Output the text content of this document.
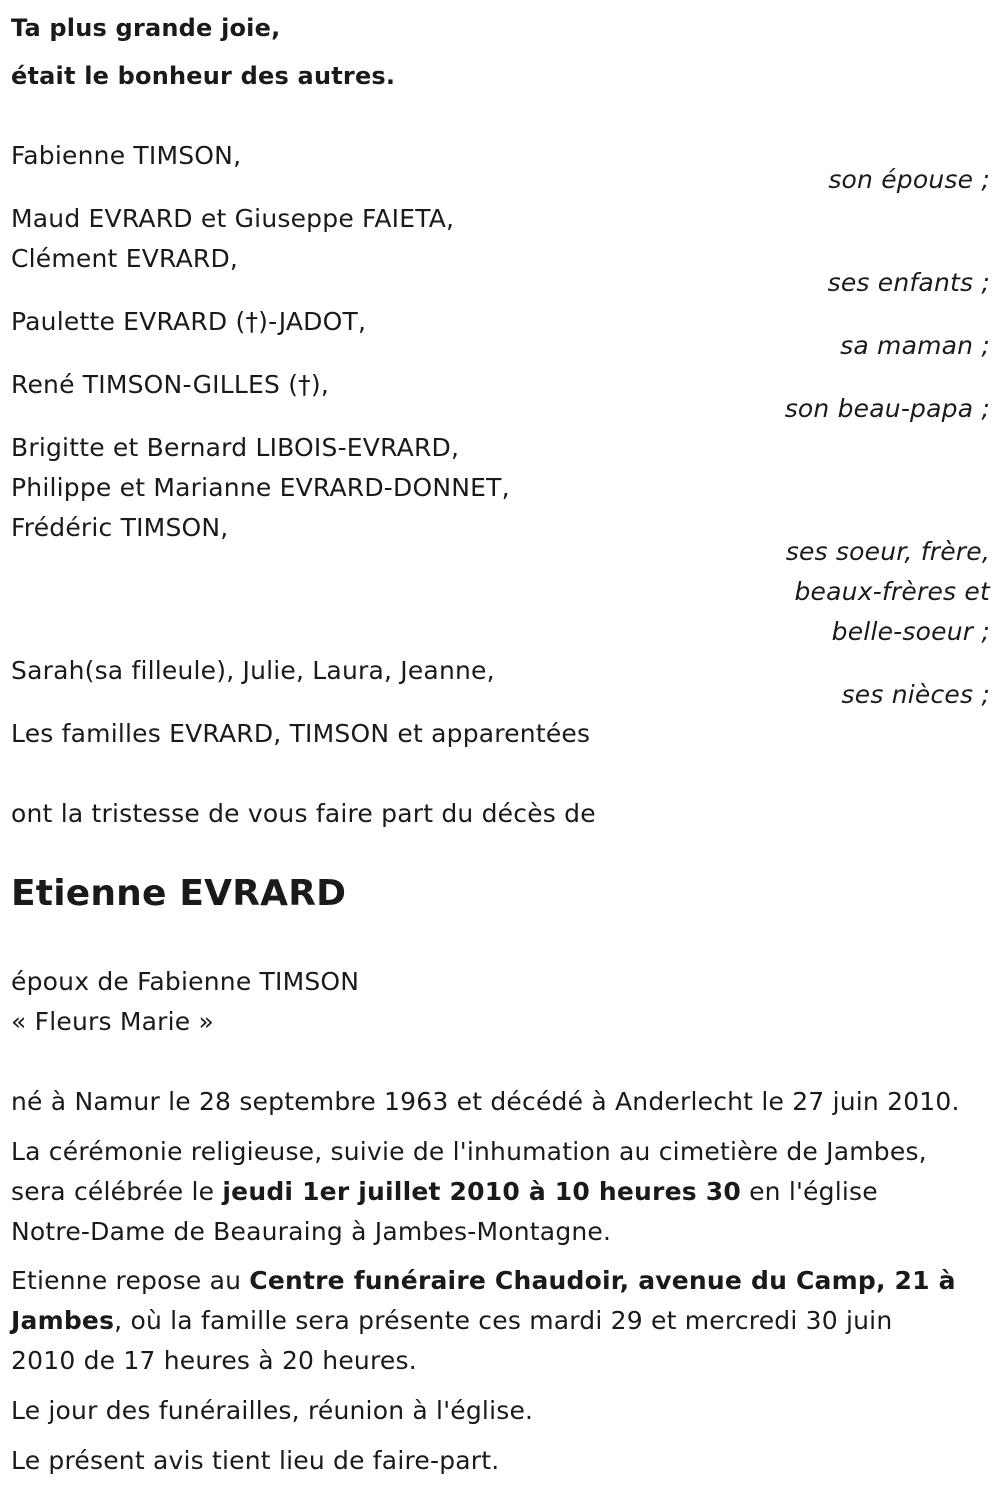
Ta plus grande joie,
était le bonheur des autres.
Fabienne TIMSON,
son épouse ;
Maud EVRARD et Giuseppe FAIETA,
Clément EVRARD,
ses enfants ;
Paulette EVRARD (†)-JADOT,
sa maman ;
René TIMSON-GILLES (†),
son beau-papa ;
Brigitte et Bernard LIBOIS-EVRARD,
Philippe et Marianne EVRARD-DONNET,
Frédéric TIMSON,
ses soeur, frère,
beaux-frères et
belle-soeur ;
Sarah(sa filleule), Julie, Laura, Jeanne,
ses nièces ;
Les familles EVRARD, TIMSON et apparentées
ont la tristesse de vous faire part du décès de
Etienne EVRARD
époux de Fabienne TIMSON
« Fleurs Marie »
né à Namur le 28 septembre 1963 et décédé à Anderlecht le 27 juin 2010.
La cérémonie religieuse, suivie de l'inhumation au cimetière de Jambes,
sera célébrée le jeudi 1er juillet 2010 à 10 heures 30 en l'église
Notre-Dame de Beauraing à Jambes-Montagne.
Etienne repose au Centre funéraire Chaudoir, avenue du Camp, 21 à
Jambes, où la famille sera présente ces mardi 29 et mercredi 30 juin
2010 de 17 heures à 20 heures.
Le jour des funérailles, réunion à l'église.
Le présent avis tient lieu de faire-part.
